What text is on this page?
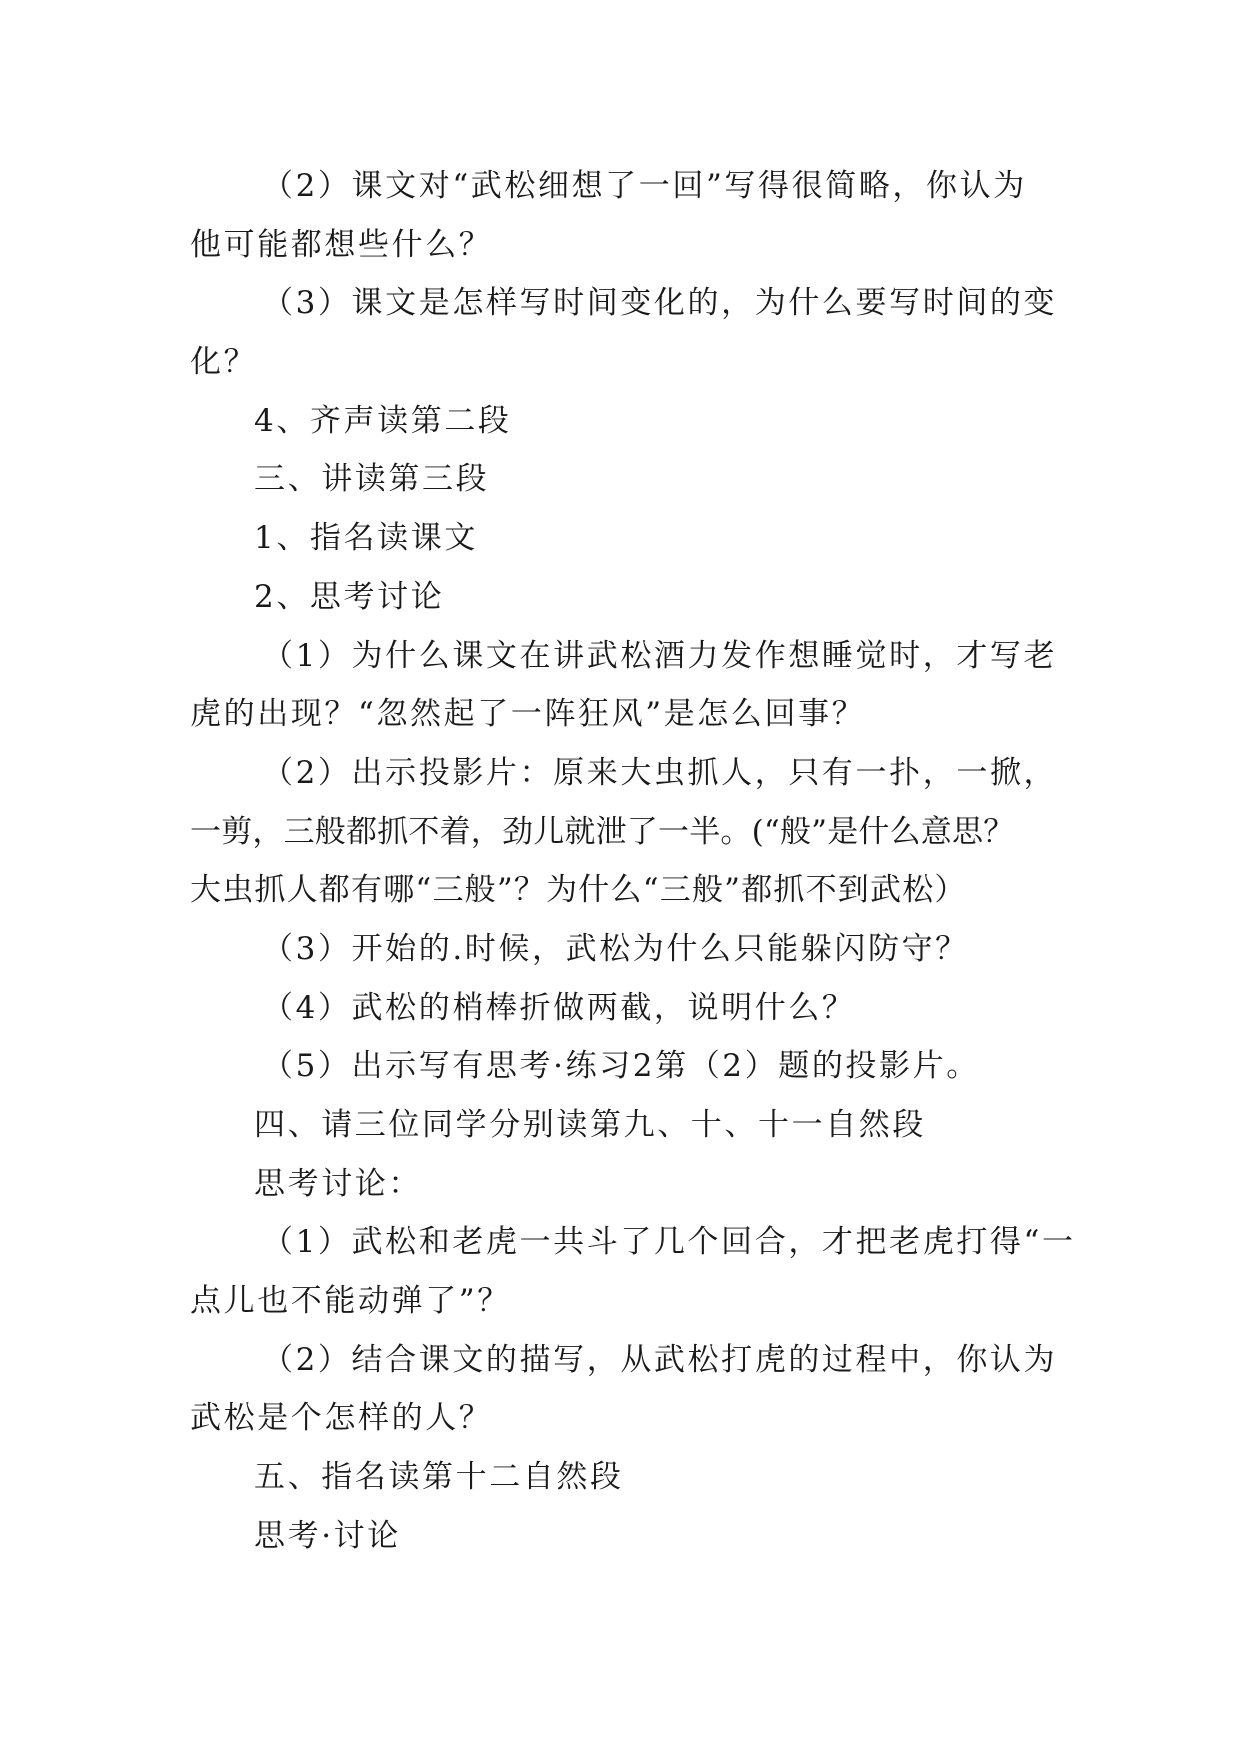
（2）课文对“武松细想了一回”写得很简略，你认为
他可能都想些什么？
（3）课文是怎样写时间变化的，为什么要写时间的变
化？
4、齐声读第二段
三、讲读第三段
1、指名读课文
2、思考讨论
（1）为什么课文在讲武松酒力发作想睡觉时，才写老
虎的出现？“忽然起了一阵狂风”是怎么回事？
（2）出示投影片：原来大虫抓人，只有一扑，一掀，
一剪，三般都抓不着，劲儿就泄了一半。(“般”是什么意思？
大虫抓人都有哪“三般”？为什么“三般”都抓不到武松）
（3）开始的.时候，武松为什么只能躲闪防守？
（4）武松的梢棒折做两截，说明什么？
（5）出示写有思考·练习2第（2）题的投影片。
四、请三位同学分别读第九、十、十一自然段
思考讨论：
（1）武松和老虎一共斗了几个回合，才把老虎打得“一
点儿也不能动弹了”？
（2）结合课文的描写，从武松打虎的过程中，你认为
武松是个怎样的人？
五、指名读第十二自然段
思考·讨论
